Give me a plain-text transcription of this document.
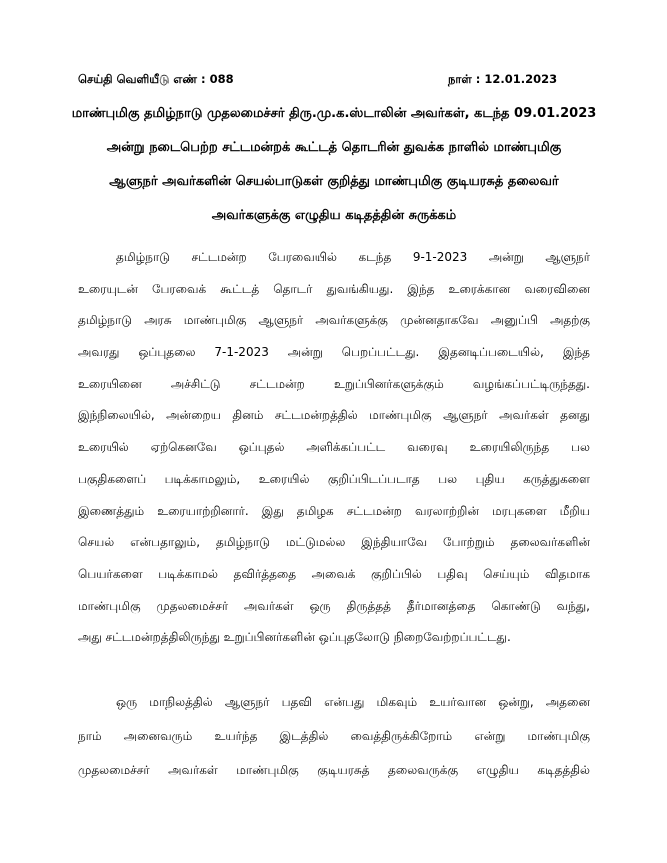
செய்தி வெளியீடு எண் : 088	நாள் : 12.01.2023
மாண்புமிகு தமிழ்நாடு முதலமைச்சர் திரு.மு.க.ஸ்டாலின் அவர்கள், கடந்த 09.01.2023
அன்று நடைபெற்ற சட்டமன்றக் கூட்டத் தொடரின் துவக்க நாளில் மாண்புமிகு
ஆளுநர் அவர்களின் செயல்பாடுகள் குறித்து மாண்புமிகு குடியரசுத் தலைவர்
அவர்களுக்கு எழுதிய கடிதத்தின் சுருக்கம்
தமிழ்நாடு சட்டமன்ற பேரவையில் கடந்த 9-1-2023 அன்று ஆளுநர்
உரையுடன் பேரவைக் கூட்டத் தொடர் துவங்கியது. இந்த உரைக்கான வரைவினை
தமிழ்நாடு அரசு மாண்புமிகு ஆளுநர் அவர்களுக்கு முன்னதாகவே அனுப்பி அதற்கு
அவரது ஒப்புதலை 7-1-2023 அன்று பெறப்பட்டது. இதனடிப்படையில், இந்த
உரையினை அச்சிட்டு சட்டமன்ற உறுப்பினர்களுக்கும் வழங்கப்பட்டிருந்தது.
இந்நிலையில், அன்றைய தினம் சட்டமன்றத்தில் மாண்புமிகு ஆளுநர் அவர்கள் தனது
உரையில் ஏற்கெனவே ஒப்புதல் அளிக்கப்பட்ட வரைவு உரையிலிருந்த பல
பகுதிகளைப் படிக்காமலும், உரையில் குறிப்பிடப்படாத பல புதிய கருத்துகளை
இணைத்தும் உரையாற்றினார். இது தமிழக சட்டமன்ற வரலாற்றின் மரபுகளை மீறிய
செயல் என்பதாலும், தமிழ்நாடு மட்டுமல்ல இந்தியாவே போற்றும் தலைவர்களின்
பெயர்களை படிக்காமல் தவிர்த்ததை அவைக் குறிப்பில் பதிவு செய்யும் விதமாக
மாண்புமிகு முதலமைச்சர் அவர்கள் ஒரு திருத்தத் தீர்மானத்தை கொண்டு வந்து,
அது சட்டமன்றத்திலிருந்து உறுப்பினர்களின் ஒப்புதலோடு நிறைவேற்றப்பட்டது.
ஒரு மாநிலத்தில் ஆளுநர் பதவி என்பது மிகவும் உயர்வான ஒன்று, அதனை
நாம் அனைவரும் உயர்ந்த இடத்தில் வைத்திருக்கிறோம் என்று மாண்புமிகு
முதலமைச்சர் அவர்கள் மாண்புமிகு குடியரசுத் தலைவருக்கு எழுதிய கடிதத்தில்
